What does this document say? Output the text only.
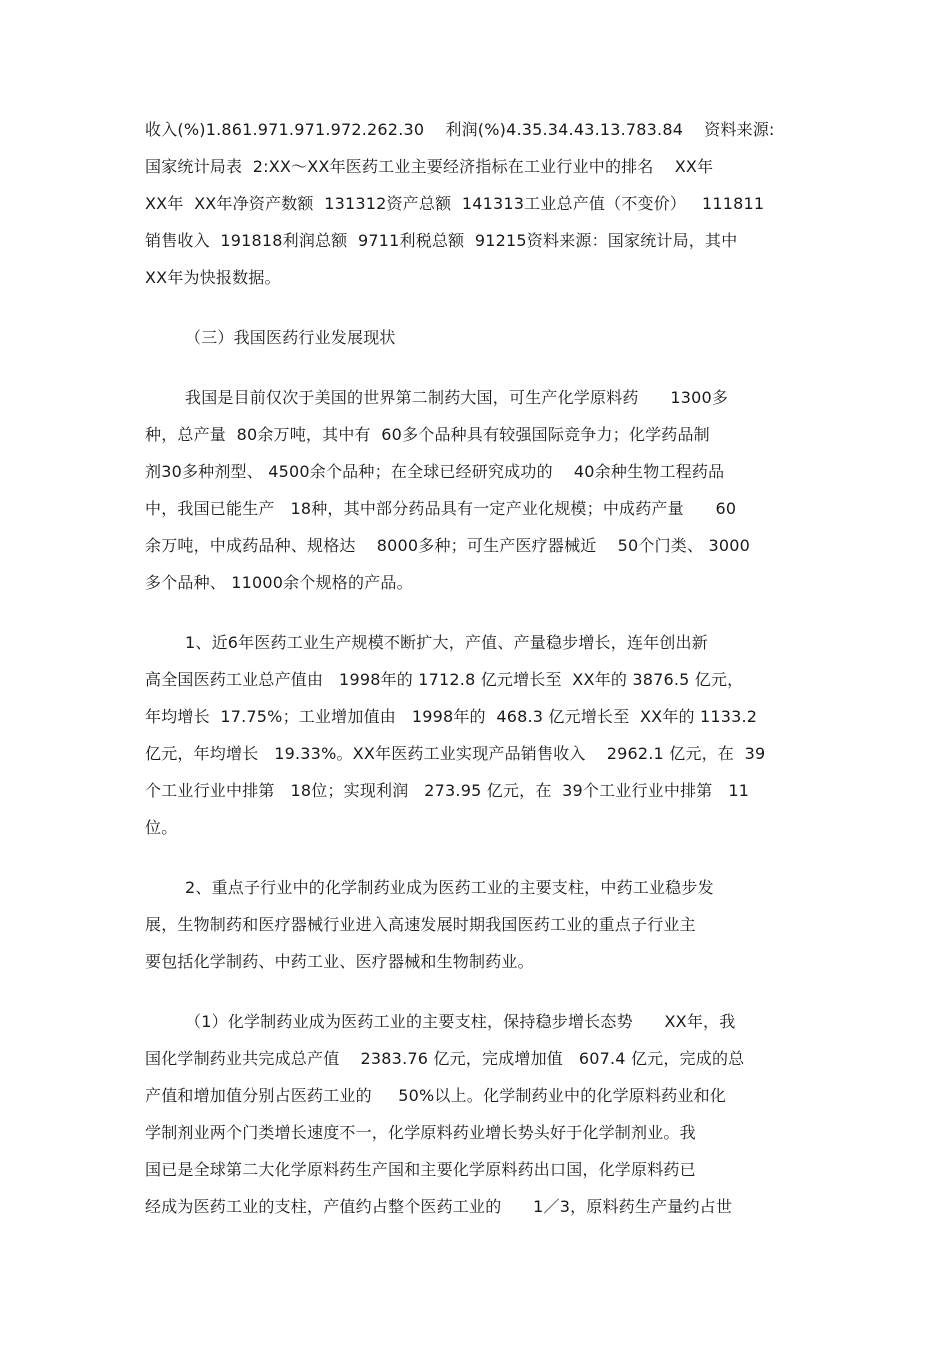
收入(%)1.861.971.971.972.262.30    利润(%)4.35.34.43.13.783.84    资料来源:
国家统计局表  2:XX～XX年医药工业主要经济指标在工业行业中的排名    XX年
XX年  XX年净资产数额  131312资产总额  141313工业总产值（不变价）   111811
销售收入  191818利润总额  9711利税总额  91215资料来源：国家统计局，其中
XX年为快报数据。
（三）我国医药行业发展现状
我国是目前仅次于美国的世界第二制药大国，可生产化学原料药      1300多
种，总产量  80余万吨，其中有  60多个品种具有较强国际竞争力；化学药品制
剂30多种剂型、 4500余个品种；在全球已经研究成功的    40余种生物工程药品
中，我国已能生产   18种，其中部分药品具有一定产业化规模；中成药产量      60
余万吨，中成药品种、规格达    8000多种；可生产医疗器械近    50个门类、 3000
多个品种、 11000余个规格的产品。
1、近6年医药工业生产规模不断扩大，产值、产量稳步增长，连年创出新
高全国医药工业总产值由   1998年的 1712.8 亿元增长至  XX年的 3876.5 亿元，
年均增长  17.75%；工业增加值由   1998年的  468.3 亿元增长至  XX年的 1133.2
亿元，年均增长   19.33%。XX年医药工业实现产品销售收入    2962.1 亿元，在  39
个工业行业中排第   18位；实现利润   273.95 亿元，在  39个工业行业中排第   11
位。
2、重点子行业中的化学制药业成为医药工业的主要支柱，中药工业稳步发
展，生物制药和医疗器械行业进入高速发展时期我国医药工业的重点子行业主
要包括化学制药、中药工业、医疗器械和生物制药业。
（1）化学制药业成为医药工业的主要支柱，保持稳步增长态势      XX年，我
国化学制药业共完成总产值    2383.76 亿元，完成增加值   607.4 亿元，完成的总
产值和增加值分别占医药工业的     50%以上。化学制药业中的化学原料药业和化
学制剂业两个门类增长速度不一，化学原料药业增长势头好于化学制剂业。我
国已是全球第二大化学原料药生产国和主要化学原料药出口国，化学原料药已
经成为医药工业的支柱，产值约占整个医药工业的      1／3，原料药生产量约占世
